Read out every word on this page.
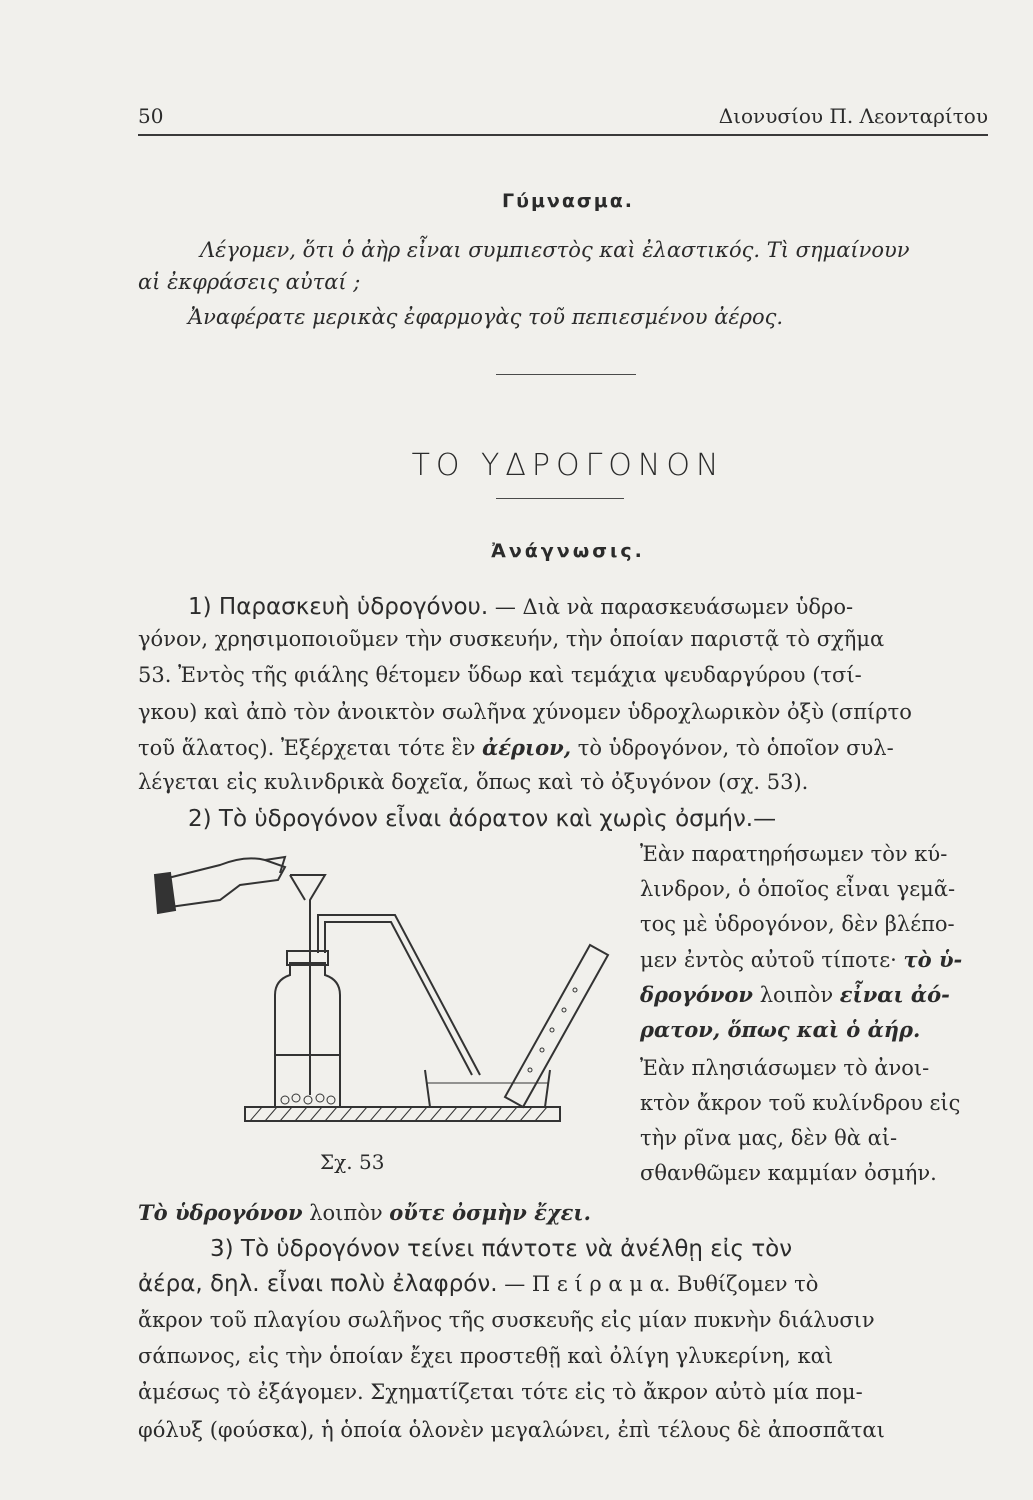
50	Διονυσίου Π. Λεονταρίτου
Γύμνασμα.
Λέγομεν, ὅτι ὁ ἀὴρ εἶναι συμπιεστὸς καὶ ἐλαστικός. Τὶ σημαίνουν
αἱ ἐκφράσεις αὐταί ;
Ἀναφέρατε μερικὰς ἐφαρμογὰς τοῦ πεπιεσμένου ἀέρος.
ΤΟ ΥΔΡΟΓΟΝΟΝ
Ἀνάγνωσις.
1) Παρασκευὴ ὑδρογόνου. — Διὰ νὰ παρασκευάσωμεν ὑδρο-
γόνον, χρησιμοποιοῦμεν τὴν συσκευήν, τὴν ὁποίαν παριστᾷ τὸ σχῆμα
53. Ἐντὸς τῆς φιάλης θέτομεν ὕδωρ καὶ τεμάχια ψευδαργύρου (τσί-
γκου) καὶ ἀπὸ τὸν ἀνοικτὸν σωλῆνα χύνομεν ὑδροχλωρικὸν ὀξὺ (σπίρτο
τοῦ ἅλατος). Ἐξέρχεται τότε ἓν ἀέριον, τὸ ὑδρογόνον, τὸ ὁποῖον συλ-
λέγεται εἰς κυλινδρικὰ δοχεῖα, ὅπως καὶ τὸ ὀξυγόνον (σχ. 53).
2) Τὸ ὑδρογόνον εἶναι ἀόρατον καὶ χωρὶς ὀσμήν.—
Ἐὰν παρατηρήσωμεν τὸν κύ-
λινδρον, ὁ ὁποῖος εἶναι γεμᾶ-
τος μὲ ὑδρογόνον, δὲν βλέπο-
μεν ἐντὸς αὐτοῦ τίποτε· τὸ ὑ-
δρογόνον λοιπὸν εἶναι ἀό-
ρατον, ὅπως καὶ ὁ ἀήρ.
Ἐὰν πλησιάσωμεν τὸ ἀνοι-
κτὸν ἄκρον τοῦ κυλίνδρου εἰς
τὴν ρῖνα μας, δὲν θὰ αἰ-
σθανθῶμεν καμμίαν ὀσμήν.
Σχ. 53
Τὸ ὑδρογόνον λοιπὸν οὔτε ὀσμὴν ἔχει.
3) Τὸ ὑδρογόνον τείνει πάντοτε νὰ ἀνέλθῃ εἰς τὸν
ἀέρα, δηλ. εἶναι πολὺ ἐλαφρόν. — Π ε ί ρ α μ α. Βυθίζομεν τὸ
ἄκρον τοῦ πλαγίου σωλῆνος τῆς συσκευῆς εἰς μίαν πυκνὴν διάλυσιν
σάπωνος, εἰς τὴν ὁποίαν ἔχει προστεθῇ καὶ ὀλίγη γλυκερίνη, καὶ
ἀμέσως τὸ ἐξάγομεν. Σχηματίζεται τότε εἰς τὸ ἄκρον αὐτὸ μία πομ-
φόλυξ (φούσκα), ἡ ὁποία ὁλονὲν μεγαλώνει, ἐπὶ τέλους δὲ ἀποσπᾶται
